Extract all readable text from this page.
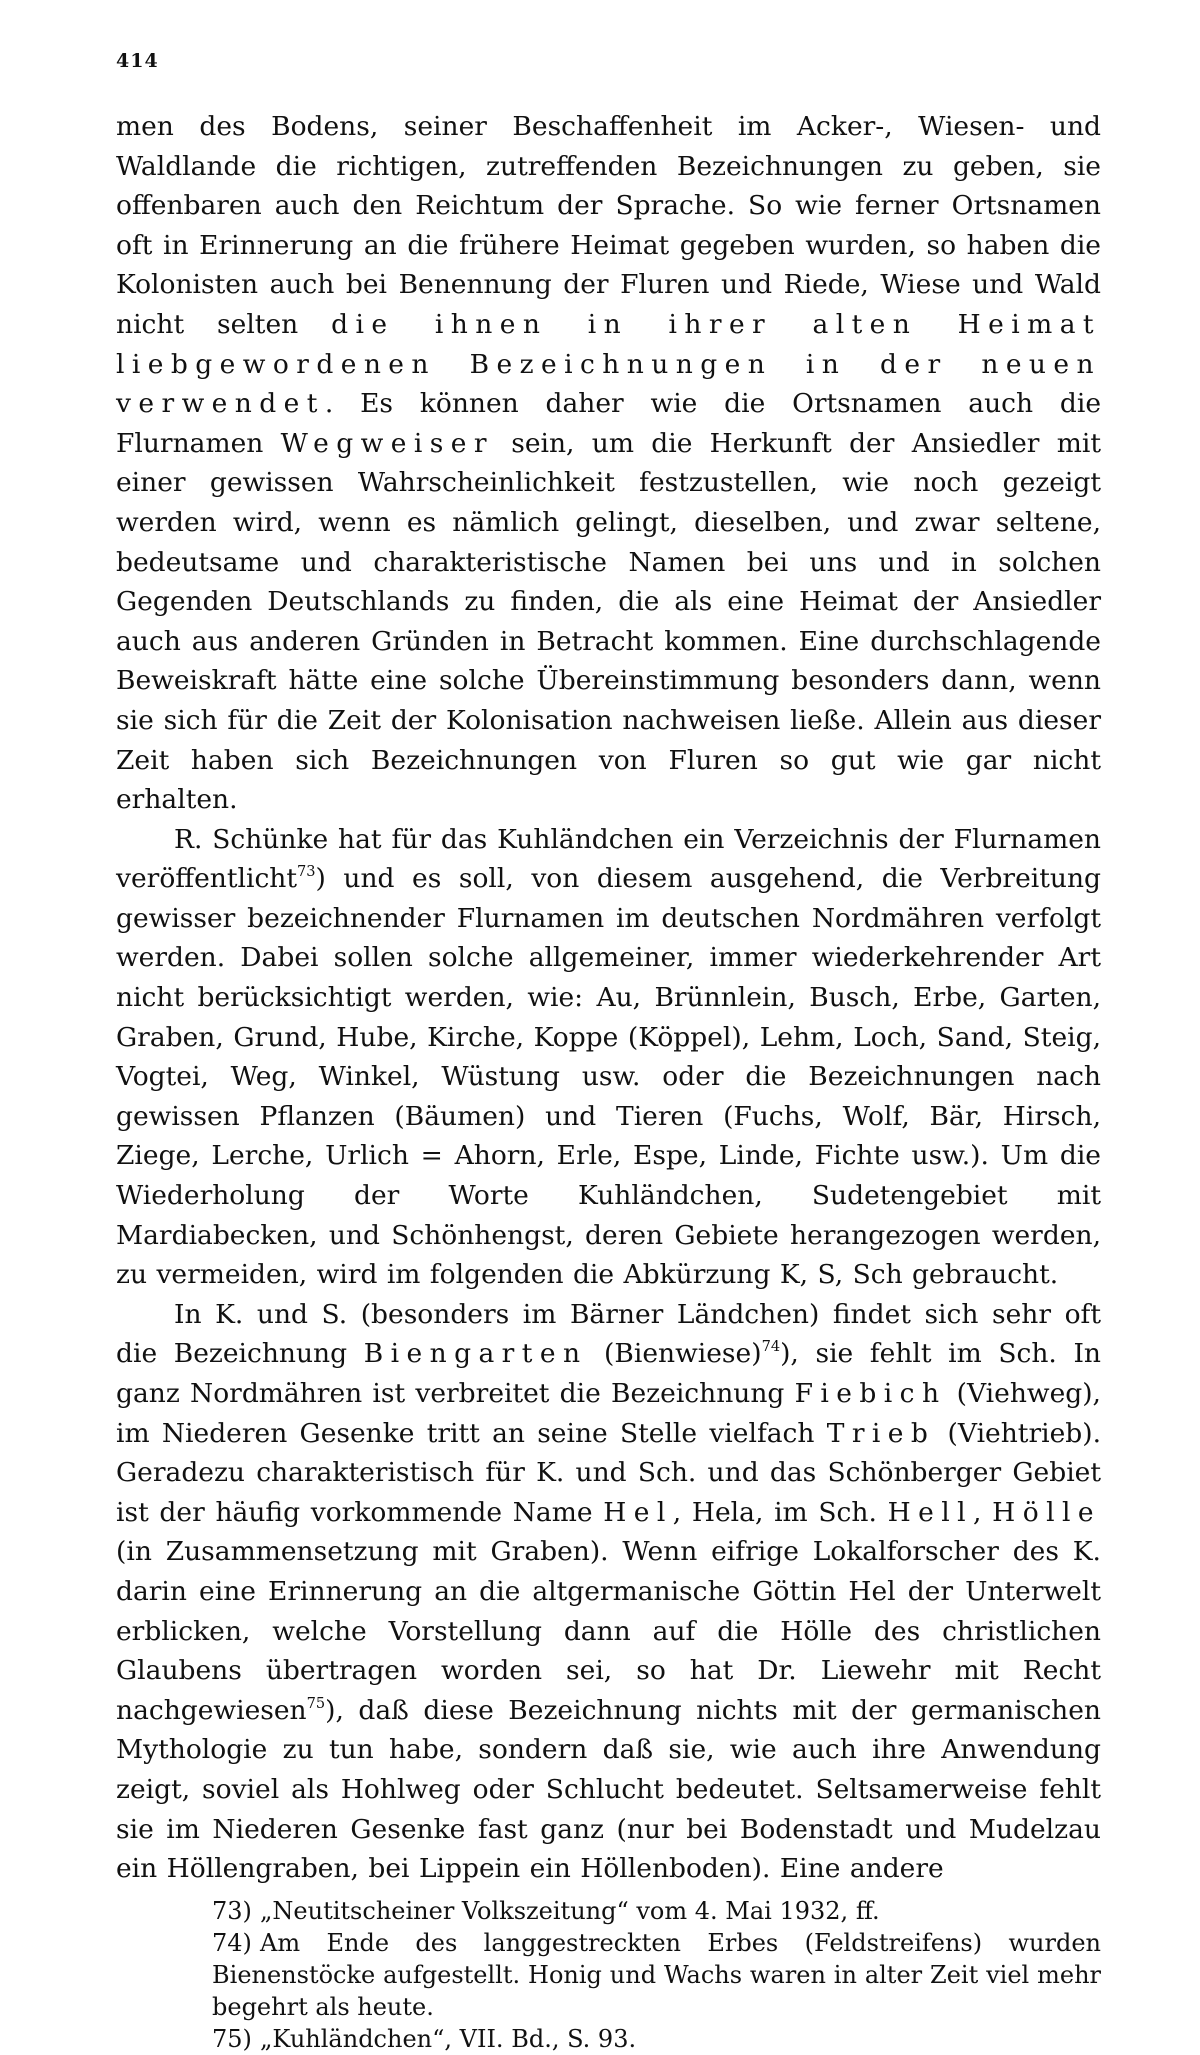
414

men des Bodens, seiner Beschaffenheit im Acker-, Wiesen- und Waldlande die richtigen, zutreffenden Bezeichnungen zu geben, sie offenbaren auch den Reichtum der Sprache. So wie ferner Ortsnamen oft in Erinnerung an die frühere Heimat gegeben wurden, so haben die Kolonisten auch bei Benennung der Fluren und Riede, Wiese und Wald nicht selten die ihnen in ihrer alten Heimat liebgewordenen Bezeichnungen in der neuen verwendet. Es können daher wie die Ortsnamen auch die Flurnamen Wegweiser sein, um die Herkunft der Ansiedler mit einer gewissen Wahrscheinlichkeit festzustellen, wie noch gezeigt werden wird, wenn es nämlich gelingt, dieselben, und zwar seltene, bedeutsame und charakteristische Namen bei uns und in solchen Gegenden Deutschlands zu finden, die als eine Heimat der Ansiedler auch aus anderen Gründen in Betracht kommen. Eine durchschlagende Beweiskraft hätte eine solche Übereinstimmung besonders dann, wenn sie sich für die Zeit der Kolonisation nachweisen ließe. Allein aus dieser Zeit haben sich Bezeichnungen von Fluren so gut wie gar nicht erhalten.

R. Schünke hat für das Kuhländchen ein Verzeichnis der Flurnamen veröffentlicht$^{73}$) und es soll, von diesem ausgehend, die Verbreitung gewisser bezeichnender Flurnamen im deutschen Nordmähren verfolgt werden. Dabei sollen solche allgemeiner, immer wiederkehrender Art nicht berücksichtigt werden, wie: Au, Brünnlein, Busch, Erbe, Garten, Graben, Grund, Hube, Kirche, Koppe (Köppel), Lehm, Loch, Sand, Steig, Vogtei, Weg, Winkel, Wüstung usw. oder die Bezeichnungen nach gewissen Pflanzen (Bäumen) und Tieren (Fuchs, Wolf, Bär, Hirsch, Ziege, Lerche, Urlich = Ahorn, Erle, Espe, Linde, Fichte usw.). Um die Wiederholung der Worte Kuhländchen, Sudetengebiet mit Mardiabecken, und Schönhengst, deren Gebiete herangezogen werden, zu vermeiden, wird im folgenden die Abkürzung K, S, Sch gebraucht.

In K. und S. (besonders im Bärner Ländchen) findet sich sehr oft die Bezeichnung Biengarten (Bienwiese)$^{74}$), sie fehlt im Sch. In ganz Nordmähren ist verbreitet die Bezeichnung Fiebich (Viehweg), im Niederen Gesenke tritt an seine Stelle vielfach Trieb (Viehtrieb). Geradezu charakteristisch für K. und Sch. und das Schönberger Gebiet ist der häufig vorkommende Name Hel, Hela, im Sch. Hell, Hölle (in Zusammensetzung mit Graben). Wenn eifrige Lokalforscher des K. darin eine Erinnerung an die altgermanische Göttin Hel der Unterwelt erblicken, welche Vorstellung dann auf die Hölle des christlichen Glaubens übertragen worden sei, so hat Dr. Liewehr mit Recht nachgewiesen$^{75}$), daß diese Bezeichnung nichts mit der germanischen Mythologie zu tun habe, sondern daß sie, wie auch ihre Anwendung zeigt, soviel als Hohlweg oder Schlucht bedeutet. Seltsamerweise fehlt sie im Niederen Gesenke fast ganz (nur bei Bodenstadt und Mudelzau ein Höllengraben, bei Lippein ein Höllenboden). Eine andere

73) „Neutitscheiner Volkszeitung“ vom 4. Mai 1932, ff.

74) Am Ende des langgestreckten Erbes (Feldstreifens) wurden Bienenstöcke aufgestellt. Honig und Wachs waren in alter Zeit viel mehr begehrt als heute.

75) „Kuhländchen“, VII. Bd., S. 93.
